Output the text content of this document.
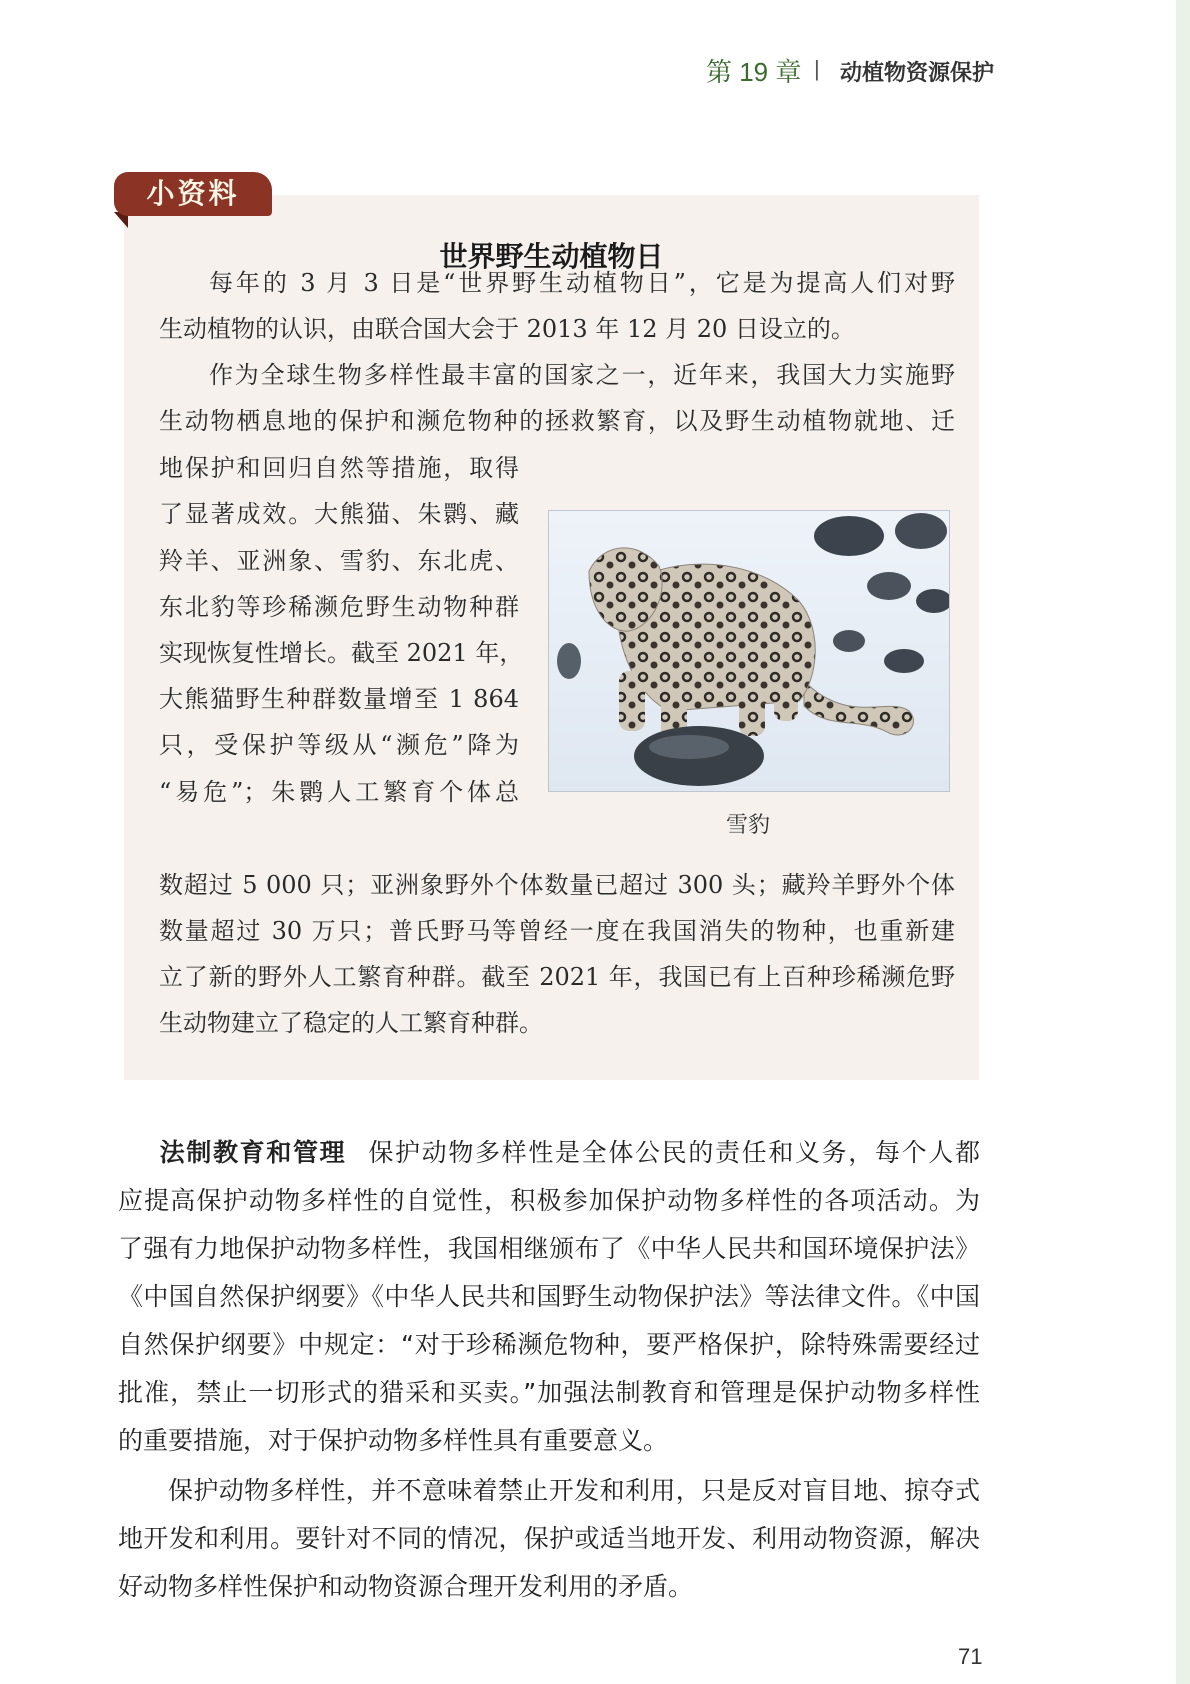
第 19 章 | 动植物资源保护
小资料
世界野生动植物日
每年的 3 月 3 日是“世界野生动植物日”，它是为提高人们对野
生动植物的认识，由联合国大会于 2013 年 12 月 20 日设立的。
作为全球生物多样性最丰富的国家之一，近年来，我国大力实施野
生动物栖息地的保护和濒危物种的拯救繁育，以及野生动植物就地、迁
地保护和回归自然等措施，取得
了显著成效。大熊猫、朱鹮、藏
羚羊、亚洲象、雪豹、东北虎、
东北豹等珍稀濒危野生动物种群
实现恢复性增长。截至 2021 年，
大熊猫野生种群数量增至 1 864
只，受保护等级从“濒危”降为
“易危”；朱鹮人工繁育个体总
数超过 5 000 只；亚洲象野外个体数量已超过 300 头；藏羚羊野外个体
数量超过 30 万只；普氏野马等曾经一度在我国消失的物种，也重新建
立了新的野外人工繁育种群。截至 2021 年，我国已有上百种珍稀濒危野
生动物建立了稳定的人工繁育种群。
雪豹
法制教育和管理 保护动物多样性是全体公民的责任和义务，每个人都
应提高保护动物多样性的自觉性，积极参加保护动物多样性的各项活动。为
了强有力地保护动物多样性，我国相继颁布了《中华人民共和国环境保护法》
《中国自然保护纲要》《中华人民共和国野生动物保护法》等法律文件。《中国
自然保护纲要》中规定：“对于珍稀濒危物种，要严格保护，除特殊需要经过
批准，禁止一切形式的猎采和买卖。”加强法制教育和管理是保护动物多样性
的重要措施，对于保护动物多样性具有重要意义。
保护动物多样性，并不意味着禁止开发和利用，只是反对盲目地、掠夺式
地开发和利用。要针对不同的情况，保护或适当地开发、利用动物资源，解决
好动物多样性保护和动物资源合理开发利用的矛盾。
71
